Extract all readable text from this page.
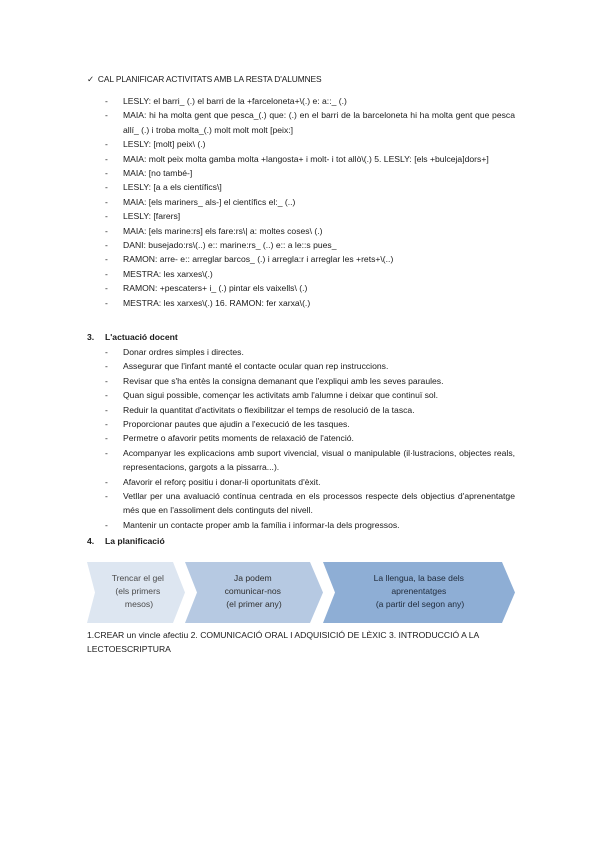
✓ CAL PLANIFICAR ACTIVITATS AMB LA RESTA D'ALUMNES
- LESLY: el barri_ (.) el barri de la +farceloneta+\(.) e: a::_ (.)
- MAIA: hi ha molta gent que pesca_(.) que: (.) en el barri de la barceloneta hi ha molta gent que pesca allí_ (.) i troba molta_(.) molt molt molt [peix:]
- LESLY: [molt] peix\ (.)
- MAIA: molt peix molta gamba molta +langosta+ i molt- i tot allò\(.) 5. LESLY: [els +bulceja]dors+]
- MAIA: [no també-]
- LESLY: [a a els científics\]
- MAIA: [els mariners_ als-] el científics el:_ (..)
- LESLY: [farers]
- MAIA: [els marine:rs] els fare:rs\| a: moltes coses\ (.)
- DANI: busejado:rs\(..) e:: marine:rs_ (..) e:: a le::s pues_
- RAMON: arre- e:: arreglar barcos_ (.) i arregla:r i arreglar les +rets+\(..)
- MESTRA: les xarxes\(.)
- RAMON: +pescaters+ i_ (.) pintar els vaixells\ (.)
- MESTRA: les xarxes\(.) 16. RAMON: fer xarxa\(.)
3. L'actuació docent
- Donar ordres simples i directes.
- Assegurar que l'infant manté el contacte ocular quan rep instruccions.
- Revisar que s'ha entès la consigna demanant que l'expliqui amb les seves paraules.
- Quan sigui possible, començar les activitats amb l'alumne i deixar que continuï sol.
- Reduir la quantitat d'activitats o flexibilitzar el temps de resolució de la tasca.
- Proporcionar pautes que ajudin a l'execució de les tasques.
- Permetre o afavorir petits moments de relaxació de l'atenció.
- Acompanyar les explicacions amb suport vivencial, visual o manipulable (il·lustracions, objectes reals, representacions, gargots a la pissarra...).
- Afavorir el reforç positiu i donar-li oportunitats d'èxit.
- Vetllar per una avaluació contínua centrada en els processos respecte dels objectius d'aprenentatge més que en l'assoliment dels continguts del nivell.
- Mantenir un contacte proper amb la família i informar-la dels progressos.
4. La planificació
Trencar el gel (els primers mesos)
Ja podem comunicar-nos (el primer any)
La llengua, la base dels aprenentatges (a partir del segon any)
1.CREAR un vincle afectiu 2. COMUNICACIÓ ORAL I ADQUISICIÓ DE LÈXIC 3. INTRODUCCIÓ A LA LECTOESCRIPTURA
